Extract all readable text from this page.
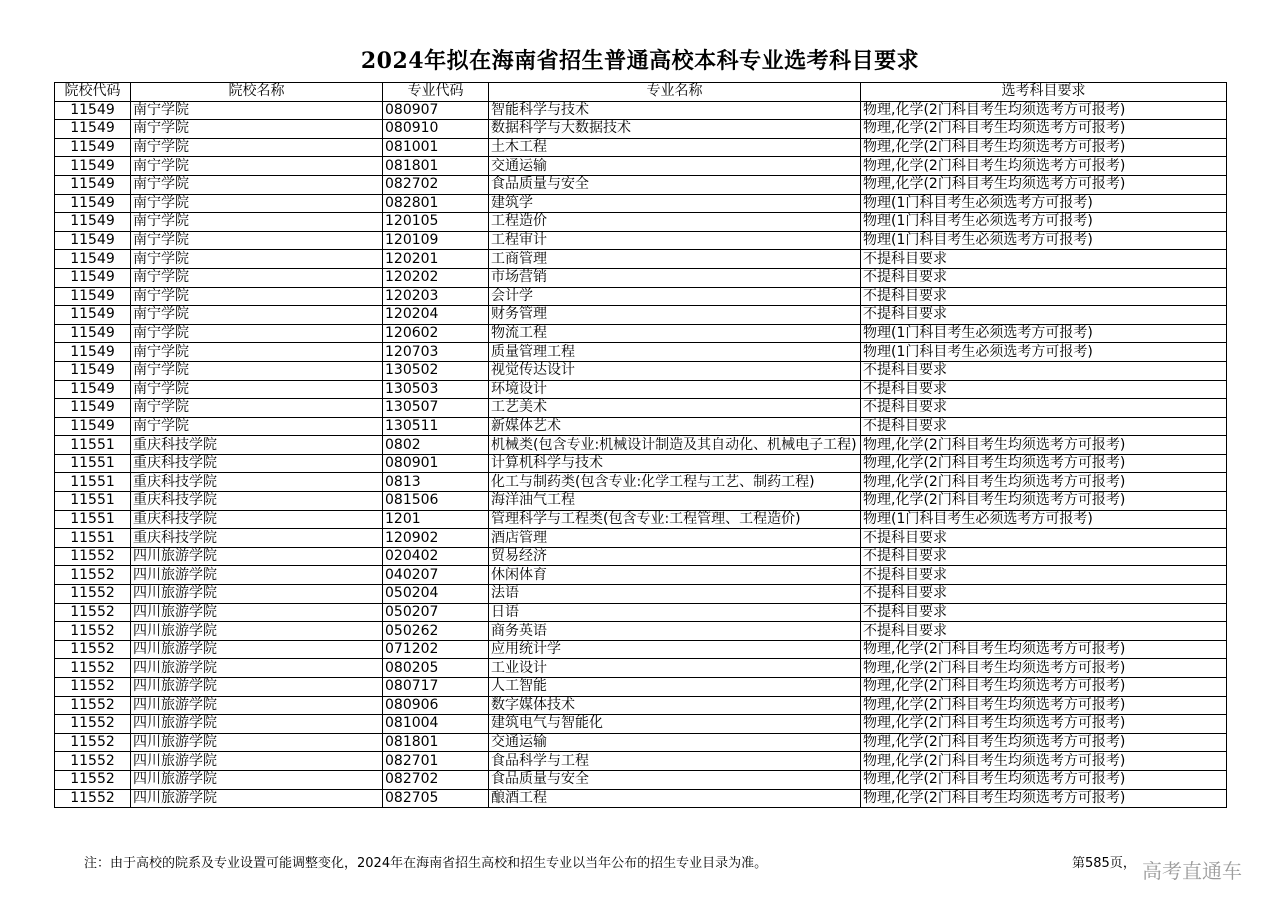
2024年拟在海南省招生普通高校本科专业选考科目要求
院校代码	院校名称	专业代码	专业名称	选考科目要求
11549	南宁学院	080907	智能科学与技术	物理,化学(2门科目考生均须选考方可报考)
11549	南宁学院	080910	数据科学与大数据技术	物理,化学(2门科目考生均须选考方可报考)
11549	南宁学院	081001	土木工程	物理,化学(2门科目考生均须选考方可报考)
11549	南宁学院	081801	交通运输	物理,化学(2门科目考生均须选考方可报考)
11549	南宁学院	082702	食品质量与安全	物理,化学(2门科目考生均须选考方可报考)
11549	南宁学院	082801	建筑学	物理(1门科目考生必须选考方可报考)
11549	南宁学院	120105	工程造价	物理(1门科目考生必须选考方可报考)
11549	南宁学院	120109	工程审计	物理(1门科目考生必须选考方可报考)
11549	南宁学院	120201	工商管理	不提科目要求
11549	南宁学院	120202	市场营销	不提科目要求
11549	南宁学院	120203	会计学	不提科目要求
11549	南宁学院	120204	财务管理	不提科目要求
11549	南宁学院	120602	物流工程	物理(1门科目考生必须选考方可报考)
11549	南宁学院	120703	质量管理工程	物理(1门科目考生必须选考方可报考)
11549	南宁学院	130502	视觉传达设计	不提科目要求
11549	南宁学院	130503	环境设计	不提科目要求
11549	南宁学院	130507	工艺美术	不提科目要求
11549	南宁学院	130511	新媒体艺术	不提科目要求
11551	重庆科技学院	0802	机械类(包含专业:机械设计制造及其自动化、机械电子工程)	物理,化学(2门科目考生均须选考方可报考)
11551	重庆科技学院	080901	计算机科学与技术	物理,化学(2门科目考生均须选考方可报考)
11551	重庆科技学院	0813	化工与制药类(包含专业:化学工程与工艺、制药工程)	物理,化学(2门科目考生均须选考方可报考)
11551	重庆科技学院	081506	海洋油气工程	物理,化学(2门科目考生均须选考方可报考)
11551	重庆科技学院	1201	管理科学与工程类(包含专业:工程管理、工程造价)	物理(1门科目考生必须选考方可报考)
11551	重庆科技学院	120902	酒店管理	不提科目要求
11552	四川旅游学院	020402	贸易经济	不提科目要求
11552	四川旅游学院	040207	休闲体育	不提科目要求
11552	四川旅游学院	050204	法语	不提科目要求
11552	四川旅游学院	050207	日语	不提科目要求
11552	四川旅游学院	050262	商务英语	不提科目要求
11552	四川旅游学院	071202	应用统计学	物理,化学(2门科目考生均须选考方可报考)
11552	四川旅游学院	080205	工业设计	物理,化学(2门科目考生均须选考方可报考)
11552	四川旅游学院	080717	人工智能	物理,化学(2门科目考生均须选考方可报考)
11552	四川旅游学院	080906	数字媒体技术	物理,化学(2门科目考生均须选考方可报考)
11552	四川旅游学院	081004	建筑电气与智能化	物理,化学(2门科目考生均须选考方可报考)
11552	四川旅游学院	081801	交通运输	物理,化学(2门科目考生均须选考方可报考)
11552	四川旅游学院	082701	食品科学与工程	物理,化学(2门科目考生均须选考方可报考)
11552	四川旅游学院	082702	食品质量与安全	物理,化学(2门科目考生均须选考方可报考)
11552	四川旅游学院	082705	酿酒工程	物理,化学(2门科目考生均须选考方可报考)
注：由于高校的院系及专业设置可能调整变化，2024年在海南省招生高校和招生专业以当年公布的招生专业目录为准。	第585页， 高考直通车
